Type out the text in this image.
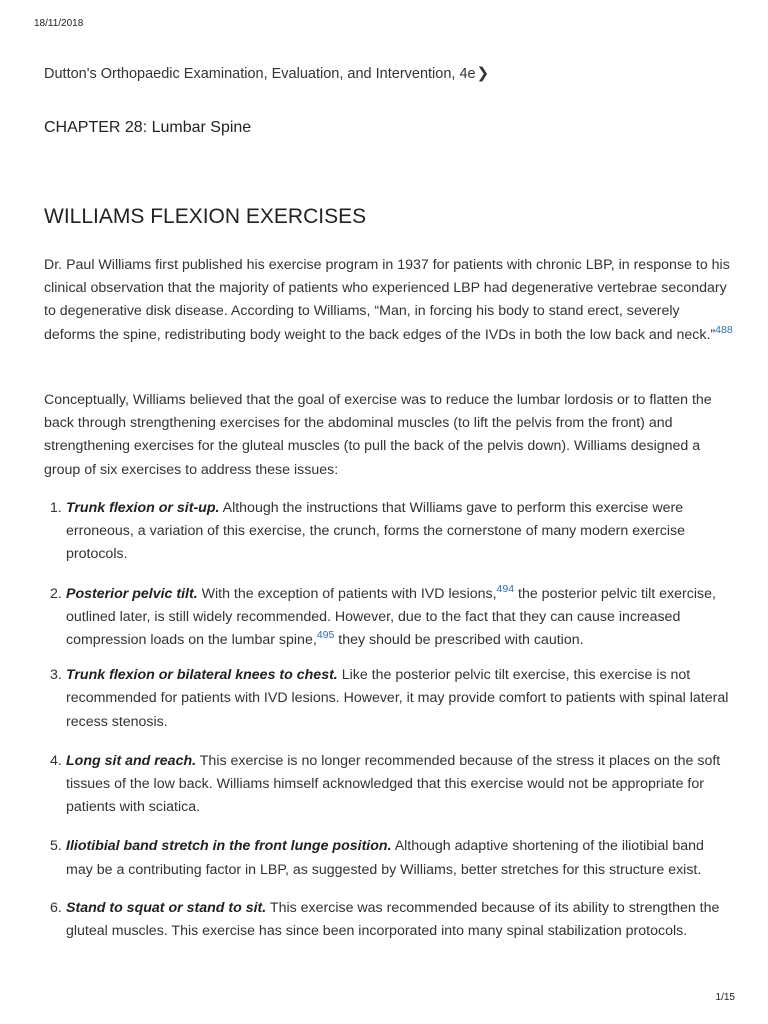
18/11/2018
Dutton's Orthopaedic Examination, Evaluation, and Intervention, 4e❯
CHAPTER 28: Lumbar Spine
WILLIAMS FLEXION EXERCISES

Dr. Paul Williams first published his exercise program in 1937 for patients with chronic LBP, in response to his clinical observation that the majority of patients who experienced LBP had degenerative vertebrae secondary to degenerative disk disease. According to Williams, “Man, in forcing his body to stand erect, severely deforms the spine, redistributing body weight to the back edges of the IVDs in both the low back and neck.”$^{488}$

Conceptually, Williams believed that the goal of exercise was to reduce the lumbar lordosis or to flatten the back through strengthening exercises for the abdominal muscles (to lift the pelvis from the front) and strengthening exercises for the gluteal muscles (to pull the back of the pelvis down). Williams designed a group of six exercises to address these issues:

1. Trunk flexion or sit-up. Although the instructions that Williams gave to perform this exercise were erroneous, a variation of this exercise, the crunch, forms the cornerstone of many modern exercise protocols.
2. Posterior pelvic tilt. With the exception of patients with IVD lesions,$^{494}$ the posterior pelvic tilt exercise, outlined later, is still widely recommended. However, due to the fact that they can cause increased compression loads on the lumbar spine,$^{495}$ they should be prescribed with caution.
3. Trunk flexion or bilateral knees to chest. Like the posterior pelvic tilt exercise, this exercise is not recommended for patients with IVD lesions. However, it may provide comfort to patients with spinal lateral recess stenosis.
4. Long sit and reach. This exercise is no longer recommended because of the stress it places on the soft tissues of the low back. Williams himself acknowledged that this exercise would not be appropriate for patients with sciatica.
5. Iliotibial band stretch in the front lunge position. Although adaptive shortening of the iliotibial band may be a contributing factor in LBP, as suggested by Williams, better stretches for this structure exist.
6. Stand to squat or stand to sit. This exercise was recommended because of its ability to strengthen the gluteal muscles. This exercise has since been incorporated into many spinal stabilization protocols.
1/15
